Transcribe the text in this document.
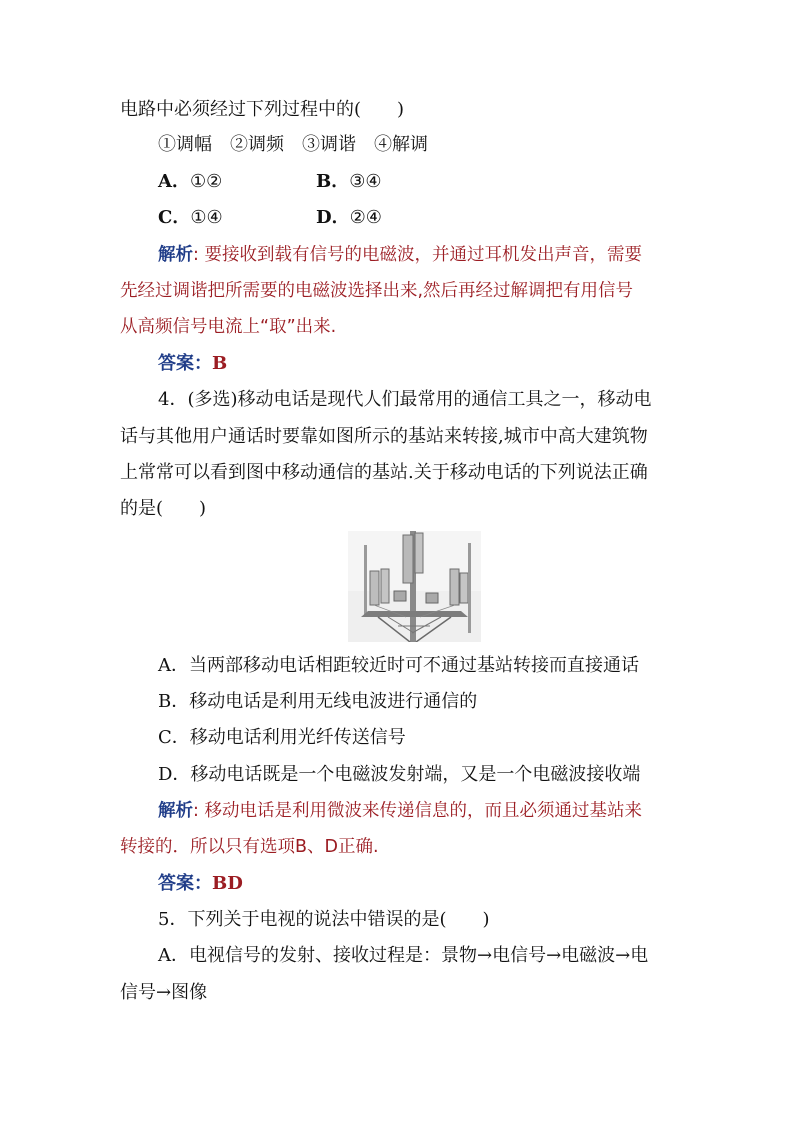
电路中必须经过下列过程中的(　　)
①调幅　②调频　③调谐　④解调
A．①②	B．③④
C．①④	D．②④
解析: 要接收到载有信号的电磁波，并通过耳机发出声音，需要
先经过调谐把所需要的电磁波选择出来,然后再经过解调把有用信号
从高频信号电流上“取”出来.
答案：B
4．(多选)移动电话是现代人们最常用的通信工具之一，移动电
话与其他用户通话时要靠如图所示的基站来转接,城市中高大建筑物
上常常可以看到图中移动通信的基站.关于移动电话的下列说法正确
的是(　　)
A．当两部移动电话相距较近时可不通过基站转接而直接通话
B．移动电话是利用无线电波进行通信的
C．移动电话利用光纤传送信号
D．移动电话既是一个电磁波发射端，又是一个电磁波接收端
解析: 移动电话是利用微波来传递信息的，而且必须通过基站来
转接的．所以只有选项B、D正确.
答案：BD
5．下列关于电视的说法中错误的是(　　)
A．电视信号的发射、接收过程是：景物→电信号→电磁波→电
信号→图像
